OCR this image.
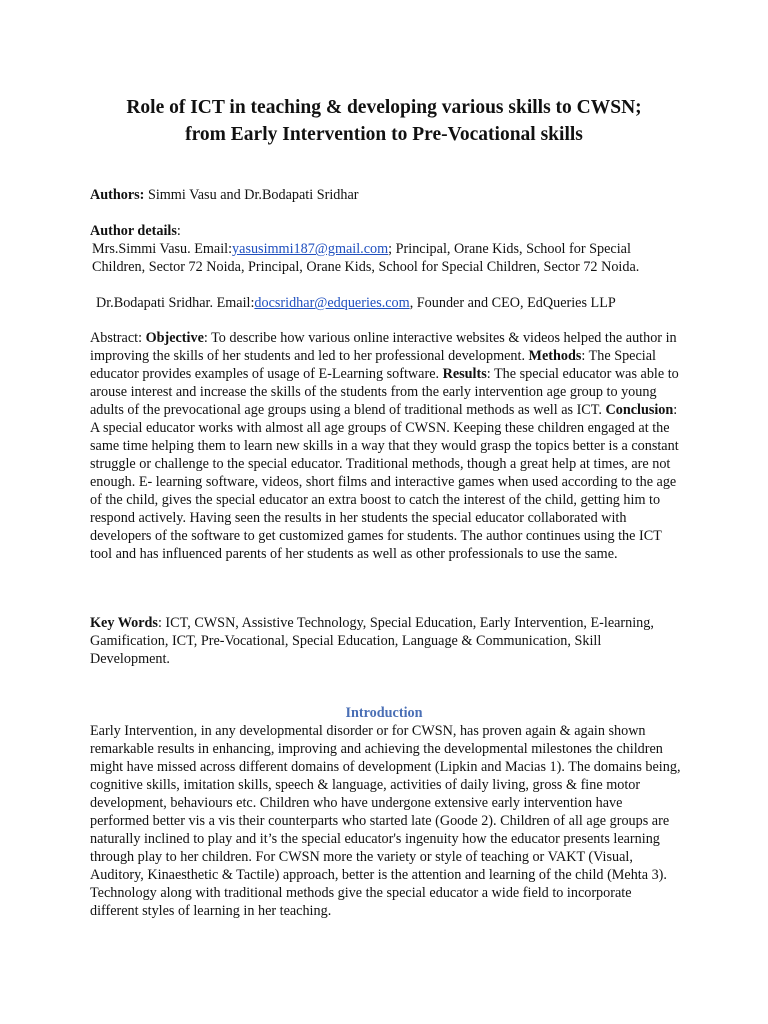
Role of ICT in teaching & developing various skills to CWSN;
from Early Intervention to Pre-Vocational skills

Authors: Simmi Vasu and Dr.Bodapati Sridhar

Author details:

Mrs.Simmi Vasu. Email:yasusimmi187@gmail.com; Principal, Orane Kids, School for Special Children, Sector 72 Noida, Principal, Orane Kids, School for Special Children, Sector 72 Noida.

Dr.Bodapati Sridhar. Email:docsridhar@edqueries.com, Founder and CEO, EdQueries LLP

Abstract: Objective: To describe how various online interactive websites & videos helped the author in improving the skills of her students and led to her professional development. Methods: The Special educator provides examples of usage of E-Learning software. Results: The special educator was able to arouse interest and increase the skills of the students from the early intervention age group to young adults of the prevocational age groups using a blend of traditional methods as well as ICT. Conclusion: A special educator works with almost all age groups of CWSN. Keeping these children engaged at the same time helping them to learn new skills in a way that they would grasp the topics better is a constant struggle or challenge to the special educator. Traditional methods, though a great help at times, are not enough. E- learning software, videos, short films and interactive games when used according to the age of the child, gives the special educator an extra boost to catch the interest of the child, getting him to respond actively. Having seen the results in her students the special educator collaborated with developers of the software to get customized games for students. The author continues using the ICT tool and has influenced parents of her students as well as other professionals to use the same.

Key Words: ICT, CWSN, Assistive Technology, Special Education, Early Intervention, E-learning, Gamification, ICT, Pre-Vocational, Special Education, Language & Communication, Skill Development.

Introduction

Early Intervention, in any developmental disorder or for CWSN, has proven again & again shown remarkable results in enhancing, improving and achieving the developmental milestones the children might have missed across different domains of development (Lipkin and Macias 1). The domains being, cognitive skills, imitation skills, speech & language, activities of daily living, gross & fine motor development, behaviours etc. Children who have undergone extensive early intervention have performed better vis a vis their counterparts who started late (Goode 2). Children of all age groups are naturally inclined to play and it’s the special educator's ingenuity how the educator presents learning through play to her children. For CWSN more the variety or style of teaching or VAKT (Visual, Auditory, Kinaesthetic & Tactile) approach, better is the attention and learning of the child (Mehta 3). Technology along with traditional methods give the special educator a wide field to incorporate different styles of learning in her teaching.
